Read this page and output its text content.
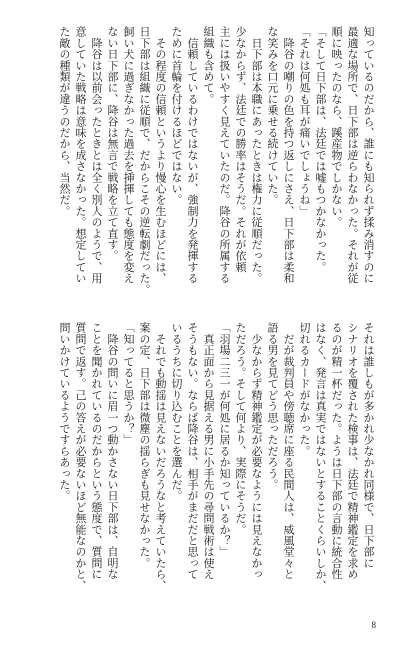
知っているのだから、誰にも知られず揉み消すのに
最適な場所で、日下部は逆らわなかった。それが従
順に映ったのなら、蹊産物でしかない。
「そして日下部は、法廷では嘘もつかなかった。
「それは何処も耳が痛いでしょうね」
　降谷の嘲りの色を持つ返しにさえ、日下部は柔和
な笑みを口元に乗せる続けていた。
　日下部は本職にあったときは権力に従順だった。
少なからず、法廷での勝率はそうだ。それが依頼
主には扱いやすく見えていたのだ。降谷の所属する
組織も含めて。
　信頼しているわけではないが、強制力を発揮する
ために首輪を付けるほどではない。
　その程度の信頼というより慢心を生むほどには、
日下部は組織に従順で、だからこその逆転劇だった。
飼い犬に過ぎなかった過去を挿揮しても態度を変え
ない日下部に、降谷は無言で戦略を立て直す。
　降谷は以前会ったときとは全く別人のようで、用
意していた戦略は意味を成さなかった。想定してい
た敵の種類が違うのだから、当然だ。
それは誰しもが多かれ少なかれ同様で、日下部に
シナリオを覆された検事は、法廷で精神鑑定を求め
るのが精一杯だった。ようは日下部の言動に統合性
はなく、発言は真実ではないとすることくらいしか、
切れるカードがなかった。
　だが裁判員や傍聴席に座る民間人は、威風堂々と
語る男を見てどう思っただろう。
　少なからず精神鑑定が必要なようには見えなかっ
ただろう。そして何より、実際にそうだ。
「羽場二三一が何処に居るか知っているか？」
　真正面から見据える男に小手先の尋問戦術は使え
そうもない。ならば降谷は、相手がまだだと思って
いるうちに切り込むことを選んだ。
　それでも動揺は見えないだろうなと考えていたら、
案の定、日下部は微塵の揺らぎも見せなかった。
「知ってると思うか？」
　降谷の問いに眉一つ動かさない日下部は、自明な
ことを聞かれているのだからという態度で、質問に
質問で返す。己の答えが必要ないほど無能なのかと、
問いかけているようですらあった。
8
